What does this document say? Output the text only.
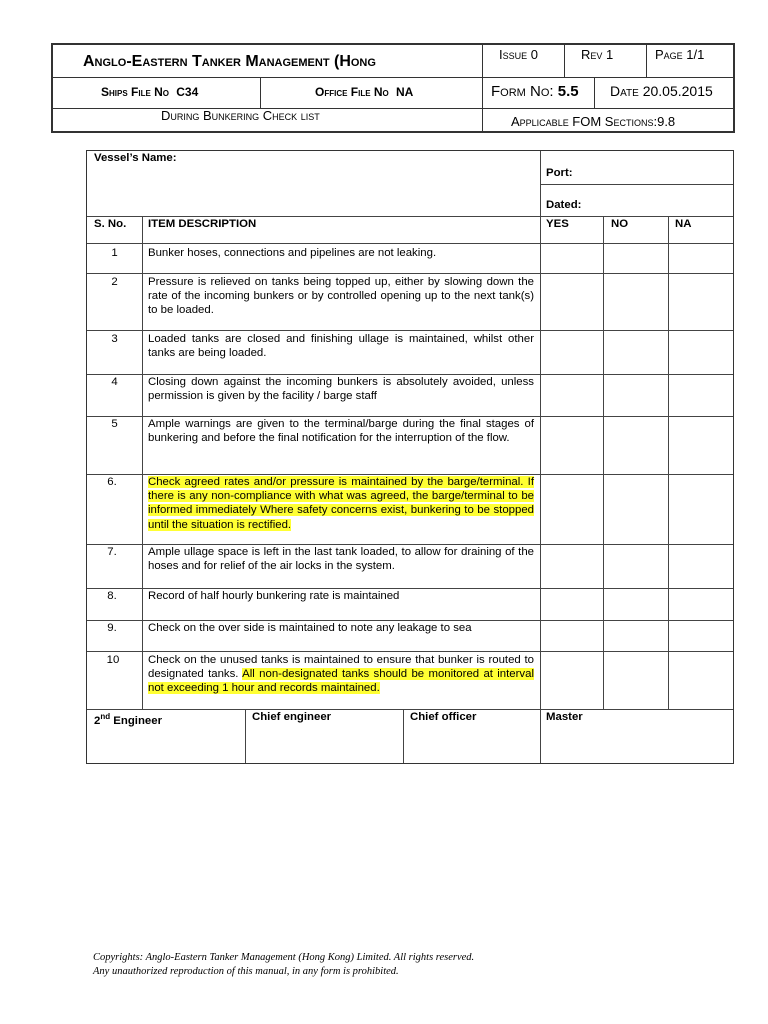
Anglo-Eastern Tanker Management (Hong	Issue 0	Rev 1	Page 1/1
Ships File No C34	Office File No NA	Form No: 5.5 Date 20.05.2015
During Bunkering Check list	Applicable FOM Sections:9.8
Vessel’s Name:
Port:
Dated:
S. No. ITEM DESCRIPTION	YES	NO	NA
1	Bunker hoses, connections and pipelines are not leaking.
2	Pressure is relieved on tanks being topped up, either by slowing down the rate of the incoming bunkers or by controlled opening up to the next tank(s) to be loaded.
3	Loaded tanks are closed and finishing ullage is maintained, whilst other tanks are being loaded.
4	Closing down against the incoming bunkers is absolutely avoided, unless permission is given by the facility / barge staff
5	Ample warnings are given to the terminal/barge during the final stages of bunkering and before the final notification for the interruption of the flow.
6.	Check agreed rates and/or pressure is maintained by the barge/terminal. If there is any non-compliance with what was agreed, the barge/terminal to be informed immediately Where safety concerns exist, bunkering to be stopped until the situation is rectified.
7.	Ample ullage space is left in the last tank loaded, to allow for draining of the hoses and for relief of the air locks in the system.
8.	Record of half hourly bunkering rate is maintained
9.	Check on the over side is maintained to note any leakage to sea
10	Check on the unused tanks is maintained to ensure that bunker is routed to designated tanks. All non-designated tanks should be monitored at interval not exceeding 1 hour and records maintained.
2nd Engineer	Chief engineer	Chief officer	Master
Copyrights: Anglo-Eastern Tanker Management (Hong Kong) Limited. All rights reserved.
Any unauthorized reproduction of this manual, in any form is prohibited.
